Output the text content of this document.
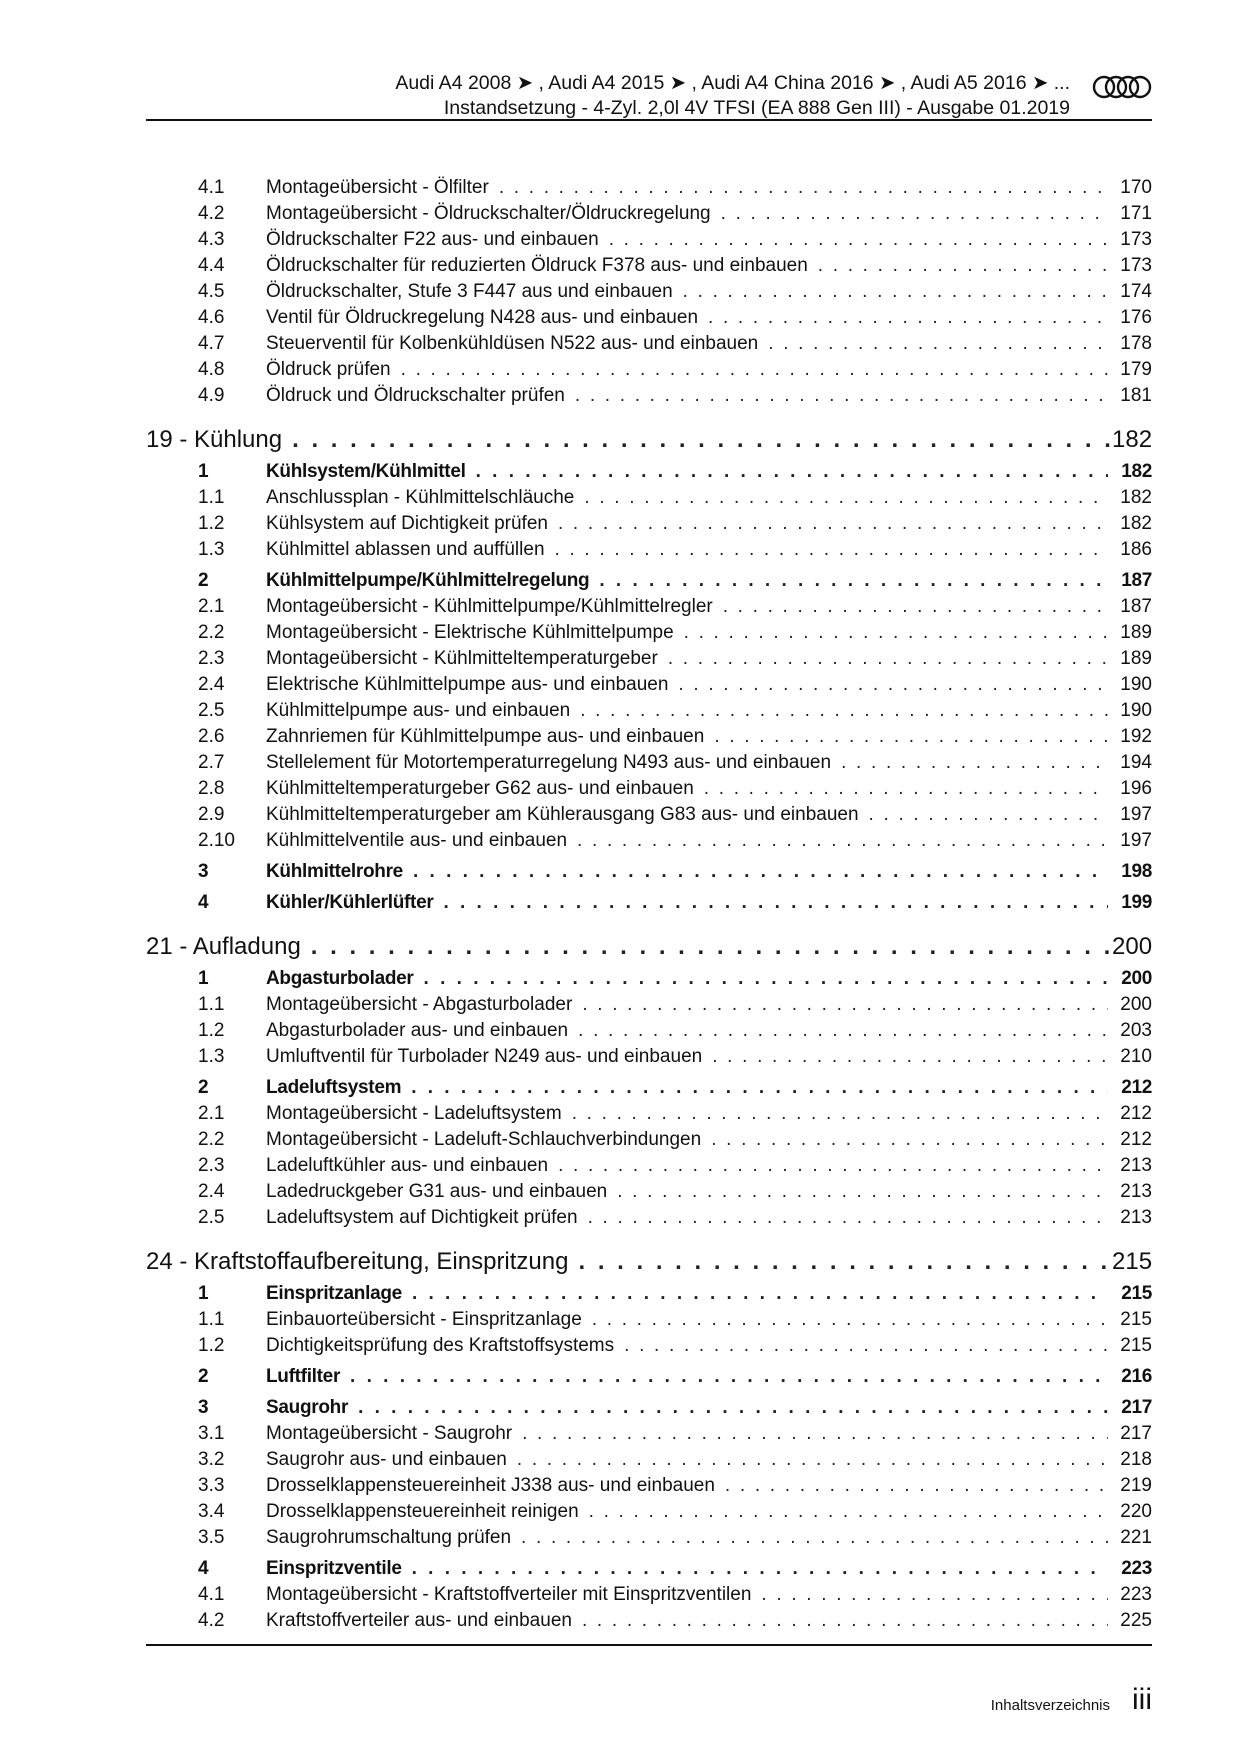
Audi A4 2008 ➤ , Audi A4 2015 ➤ , Audi A4 China 2016 ➤ , Audi A5 2016 ➤ ...
Instandsetzung - 4-Zyl. 2,0l 4V TFSI (EA 888 Gen III) - Ausgabe 01.2019
4.1	Montageübersicht - Ölfilter . . .	170
4.2	Montageübersicht - Öldruckschalter/Öldruckregelung . . .	171
4.3	Öldruckschalter F22 aus- und einbauen . . .	173
4.4	Öldruckschalter für reduzierten Öldruck F378 aus- und einbauen . . .	173
4.5	Öldruckschalter, Stufe 3 F447 aus und einbauen . . .	174
4.6	Ventil für Öldruckregelung N428 aus- und einbauen . . .	176
4.7	Steuerventil für Kolbenkühldüsen N522 aus- und einbauen . . .	178
4.8	Öldruck prüfen . . .	179
4.9	Öldruck und Öldruckschalter prüfen . . .	181
19 - Kühlung . . .	182
1	Kühlsystem/Kühlmittel . . .	182
1.1	Anschlussplan - Kühlmittelschläuche . . .	182
1.2	Kühlsystem auf Dichtigkeit prüfen . . .	182
1.3	Kühlmittel ablassen und auffüllen . . .	186
2	Kühlmittelpumpe/Kühlmittelregelung . . .	187
2.1	Montageübersicht - Kühlmittelpumpe/Kühlmittelregler . . .	187
2.2	Montageübersicht - Elektrische Kühlmittelpumpe . . .	189
2.3	Montageübersicht - Kühlmitteltemperaturgeber . . .	189
2.4	Elektrische Kühlmittelpumpe aus- und einbauen . . .	190
2.5	Kühlmittelpumpe aus- und einbauen . . .	190
2.6	Zahnriemen für Kühlmittelpumpe aus- und einbauen . . .	192
2.7	Stellelement für Motortemperaturregelung N493 aus- und einbauen . . .	194
2.8	Kühlmitteltemperaturgeber G62 aus- und einbauen . . .	196
2.9	Kühlmitteltemperaturgeber am Kühlerausgang G83 aus- und einbauen . . .	197
2.10	Kühlmittelventile aus- und einbauen . . .	197
3	Kühlmittelrohre . . .	198
4	Kühler/Kühlerlüfter . . .	199
21 - Aufladung . . .	200
1	Abgasturbolader . . .	200
1.1	Montageübersicht - Abgasturbolader . . .	200
1.2	Abgasturbolader aus- und einbauen . . .	203
1.3	Umluftventil für Turbolader N249 aus- und einbauen . . .	210
2	Ladeluftsystem . . .	212
2.1	Montageübersicht - Ladeluftsystem . . .	212
2.2	Montageübersicht - Ladeluft-Schlauchverbindungen . . .	212
2.3	Ladeluftkühler aus- und einbauen . . .	213
2.4	Ladedruckgeber G31 aus- und einbauen . . .	213
2.5	Ladeluftsystem auf Dichtigkeit prüfen . . .	213
24 - Kraftstoffaufbereitung, Einspritzung . . .	215
1	Einspritzanlage . . .	215
1.1	Einbauorteübersicht - Einspritzanlage . . .	215
1.2	Dichtigkeitsprüfung des Kraftstoffsystems . . .	215
2	Luftfilter . . .	216
3	Saugrohr . . .	217
3.1	Montageübersicht - Saugrohr . . .	217
3.2	Saugrohr aus- und einbauen . . .	218
3.3	Drosselklappensteuereinheit J338 aus- und einbauen . . .	219
3.4	Drosselklappensteuereinheit reinigen . . .	220
3.5	Saugrohrumschaltung prüfen . . .	221
4	Einspritzventile . . .	223
4.1	Montageübersicht - Kraftstoffverteiler mit Einspritzventilen . . .	223
4.2	Kraftstoffverteiler aus- und einbauen . . .	225
Inhaltsverzeichnis iii
